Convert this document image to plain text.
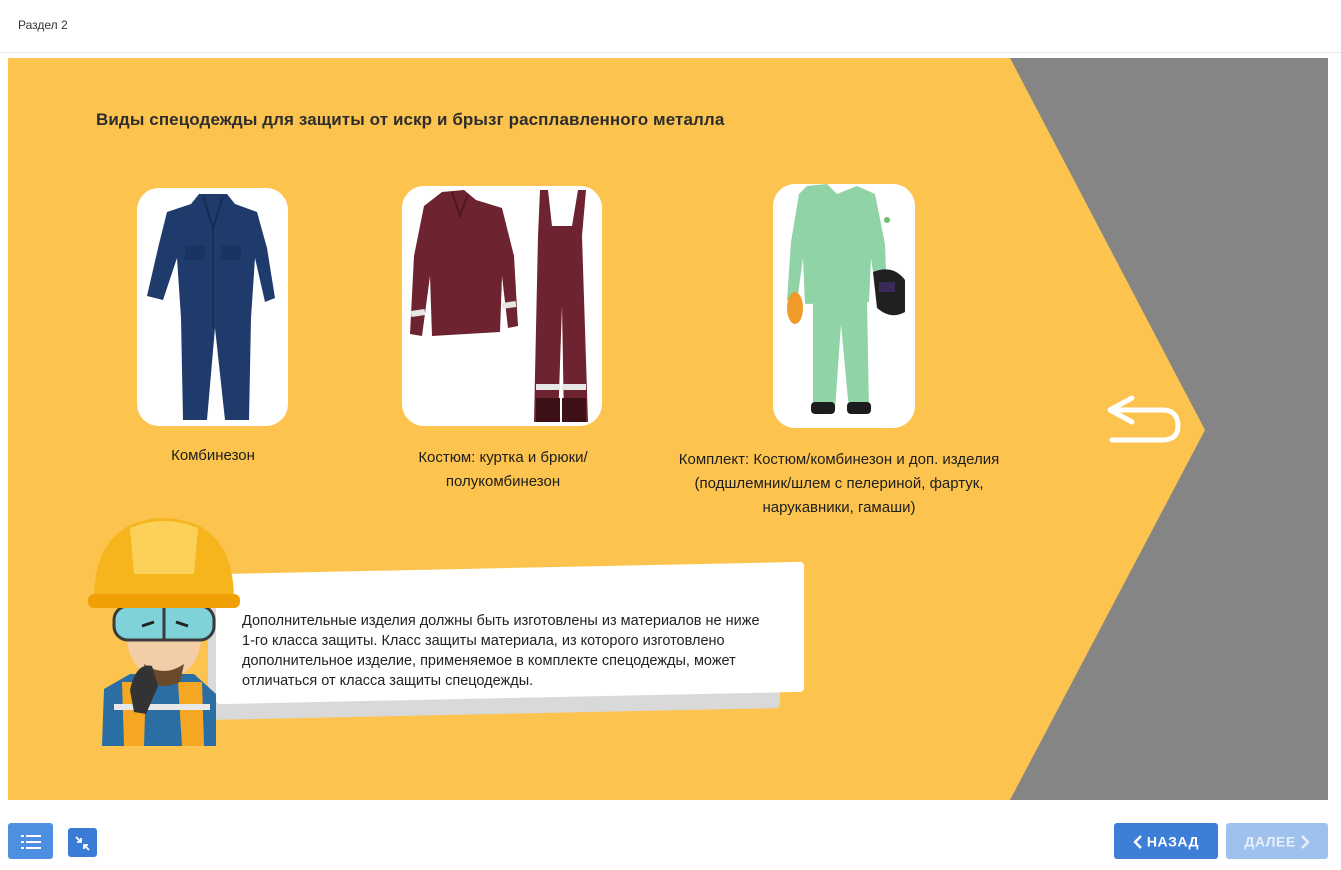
Раздел 2
Виды спецодежды для защиты от искр и брызг расплавленного металла
Комбинезон	Костюм: куртка и брюки/полукомбинезон
Комплект: Костюм/комбинезон и доп. изделия (подшлемник/шлем с пелериной, фартук, нарукавники, гамаши)
Дополнительные изделия должны быть изготовлены из материалов не ниже 1-го класса защиты. Класс защиты материала, из которого изготовлено дополнительное изделие, применяемое в комплекте спецодежды, может отличаться от класса защиты спецодежды.
НАЗАД	ДАЛЕЕ
